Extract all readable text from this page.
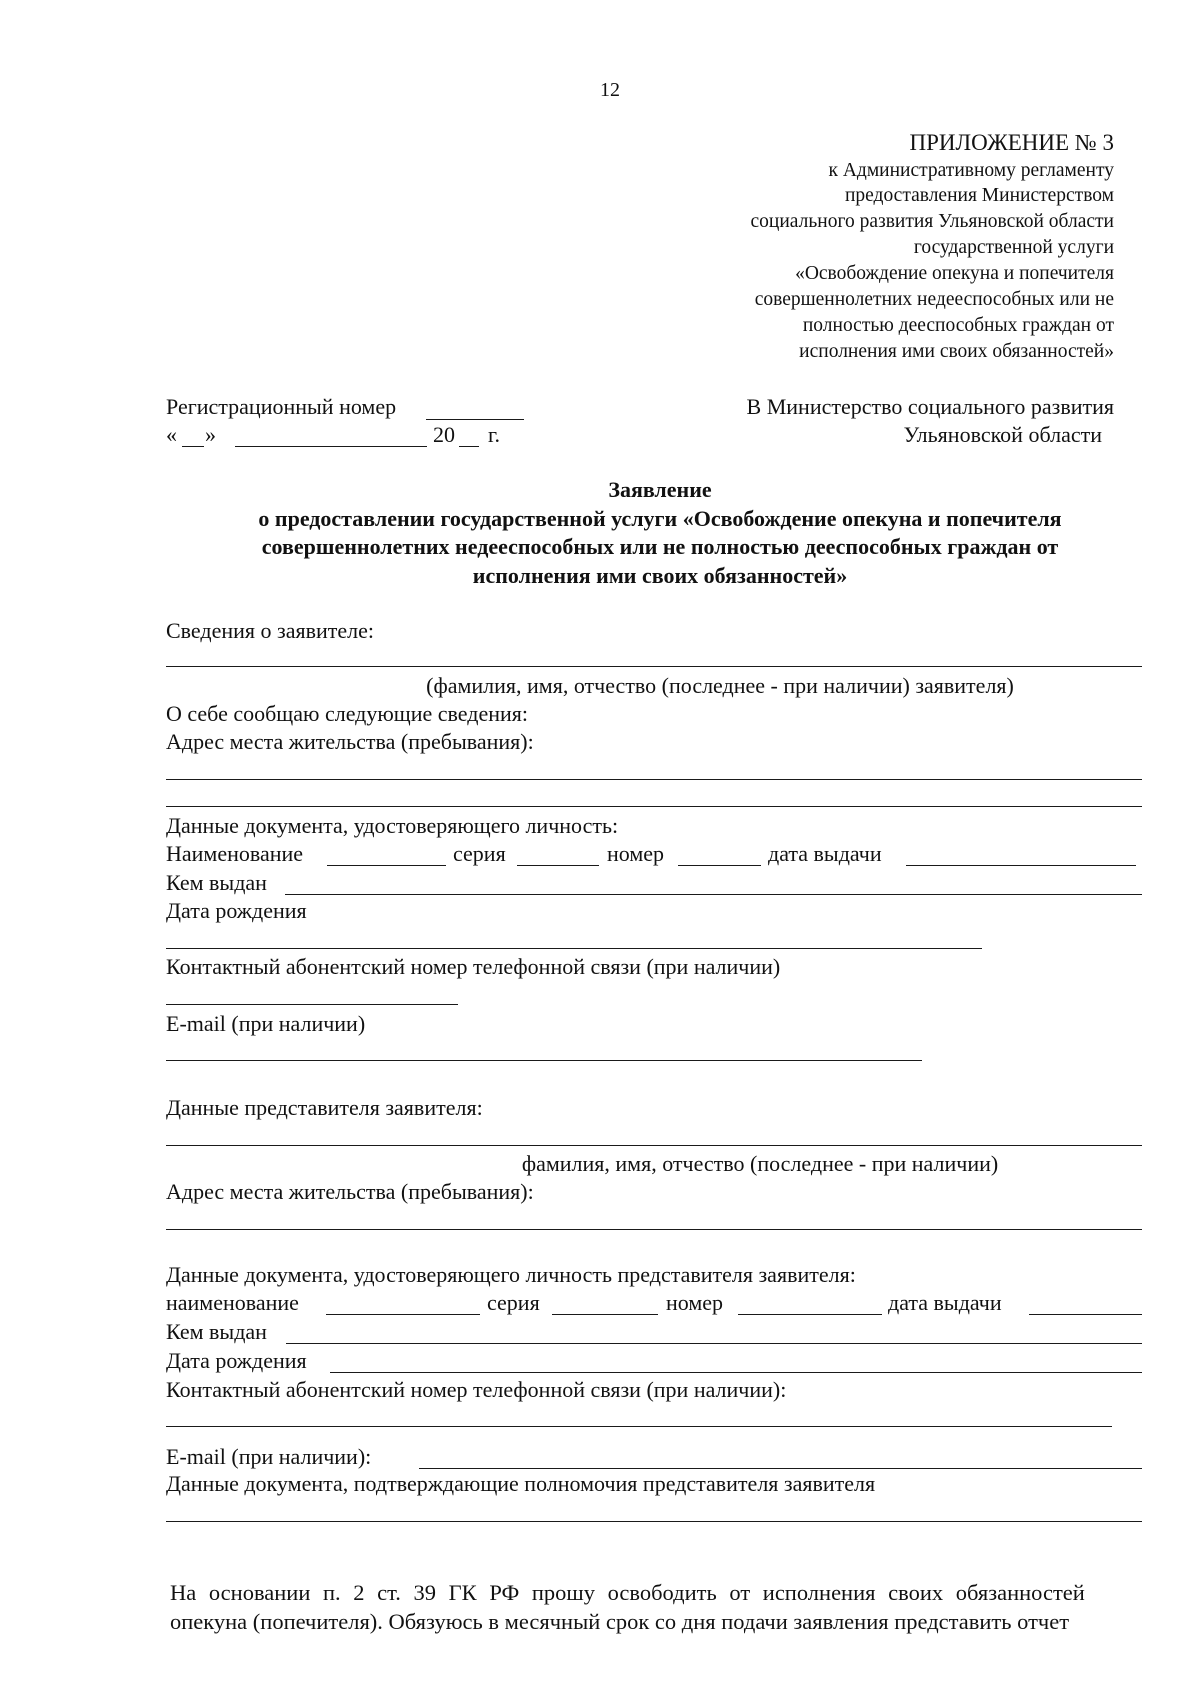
12
ПРИЛОЖЕНИЕ № 3
к Административному регламенту
предоставления Министерством
социального развития Ульяновской области
государственной услуги
«Освобождение опекуна и попечителя
совершеннолетних недееспособных или не
полностью дееспособных граждан от
исполнения ими своих обязанностей»
Регистрационный номер
« »	20 г.
В Министерство социального развития
Ульяновской области
Заявление
о предоставлении государственной услуги «Освобождение опекуна и попечителя
совершеннолетних недееспособных или не полностью дееспособных граждан от
исполнения ими своих обязанностей»
Сведения о заявителе:
(фамилия, имя, отчество (последнее - при наличии) заявителя)
О себе сообщаю следующие сведения:
Адрес места жительства (пребывания):
Данные документа, удостоверяющего личность:
Наименование	серия	номер	дата выдачи
Кем выдан
Дата рождения
Контактный абонентский номер телефонной связи (при наличии)
E-mail (при наличии)
Данные представителя заявителя:
фамилия, имя, отчество (последнее - при наличии)
Адрес места жительства (пребывания):
Данные документа, удостоверяющего личность представителя заявителя:
наименование	серия	номер	дата выдачи
Кем выдан
Дата рождения
Контактный абонентский номер телефонной связи (при наличии):
E-mail (при наличии):
Данные документа, подтверждающие полномочия представителя заявителя
На основании п. 2 ст. 39 ГК РФ прошу освободить от исполнения своих обязанностей
опекуна (попечителя). Обязуюсь в месячный срок со дня подачи заявления представить отчет
